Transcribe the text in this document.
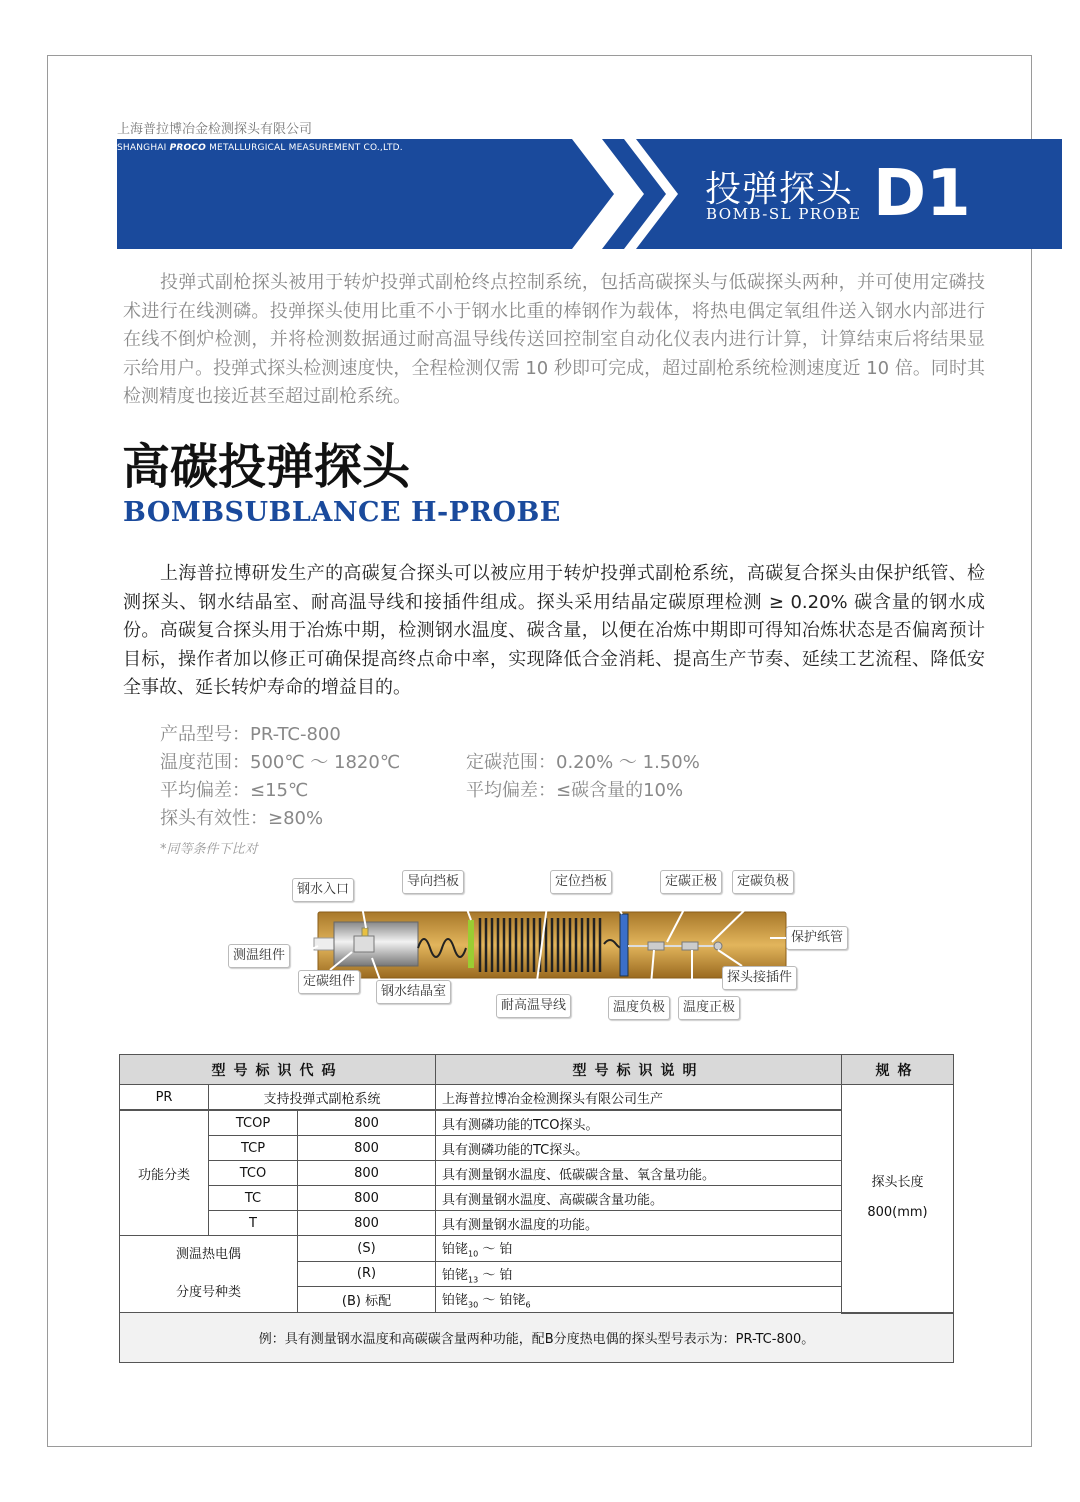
上海普拉博冶金检测探头有限公司
SHANGHAI PROCO METALLURGICAL MEASUREMENT CO.,LTD.
投弹探头
BOMB-SL PROBE D1

投弹式副枪探头被用于转炉投弹式副枪终点控制系统，包括高碳探头与低碳探头两种，并可使用定磷技术进行在线测磷。投弹探头使用比重不小于钢水比重的棒钢作为载体，将热电偶定氧组件送入钢水内部进行在线不倒炉检测，并将检测数据通过耐高温导线传送回控制室自动化仪表内进行计算，计算结束后将结果显示给用户。投弹式探头检测速度快，全程检测仅需 10 秒即可完成，超过副枪系统检测速度近 10 倍。同时其检测精度也接近甚至超过副枪系统。

高碳投弹探头
BOMBSUBLANCE H-PROBE

上海普拉博研发生产的高碳复合探头可以被应用于转炉投弹式副枪系统，高碳复合探头由保护纸管、检测探头、钢水结晶室、耐高温导线和接插件组成。探头采用结晶定碳原理检测 ≥ 0.20% 碳含量的钢水成份。高碳复合探头用于冶炼中期，检测钢水温度、碳含量，以便在冶炼中期即可得知冶炼状态是否偏离预计目标，操作者加以修正可确保提高终点命中率，实现降低合金消耗、提高生产节奏、延续工艺流程、降低安全事故、延长转炉寿命的增益目的。

产品型号：PR-TC-800
温度范围：500℃ ～ 1820℃	定碳范围：0.20% ～ 1.50%
平均偏差：≤15℃	平均偏差：≤碳含量的10%
探头有效性：≥80%
*同等条件下比对
钢水入口
导向挡板	定位挡板	定碳正极	定碳负极
保护纸管
测温组件
定碳组件
钢水结晶室
耐高温导线	温度负极	温度正极
探头接插件
型号标识代码			型号标识说明	规格
PR	支持投弹式副枪系统		上海普拉博冶金检测探头有限公司生产	探头长度
800(mm)

功能分类	TCOP	800	具有测磷功能的TCO探头。	
	TCP	800	具有测磷功能的TC探头。	
	TCO	800	具有测量钢水温度、低碳碳含量、氧含量功能。	
	TC	800	具有测量钢水温度、高碳碳含量功能。	
	T	800	具有测量钢水温度的功能。	

测温热电偶
分度号种类		(S)	铂铑$_{10}$ ～ 铂	
		(R)	铂铑$_{13}$ ～ 铂	
		(B) 标配	铂铑$_{30}$ ～ 铂铑$_6$
例：具有测量钢水温度和高碳碳含量两种功能，配B分度热电偶的探头型号表示为：PR-TC-800。				
